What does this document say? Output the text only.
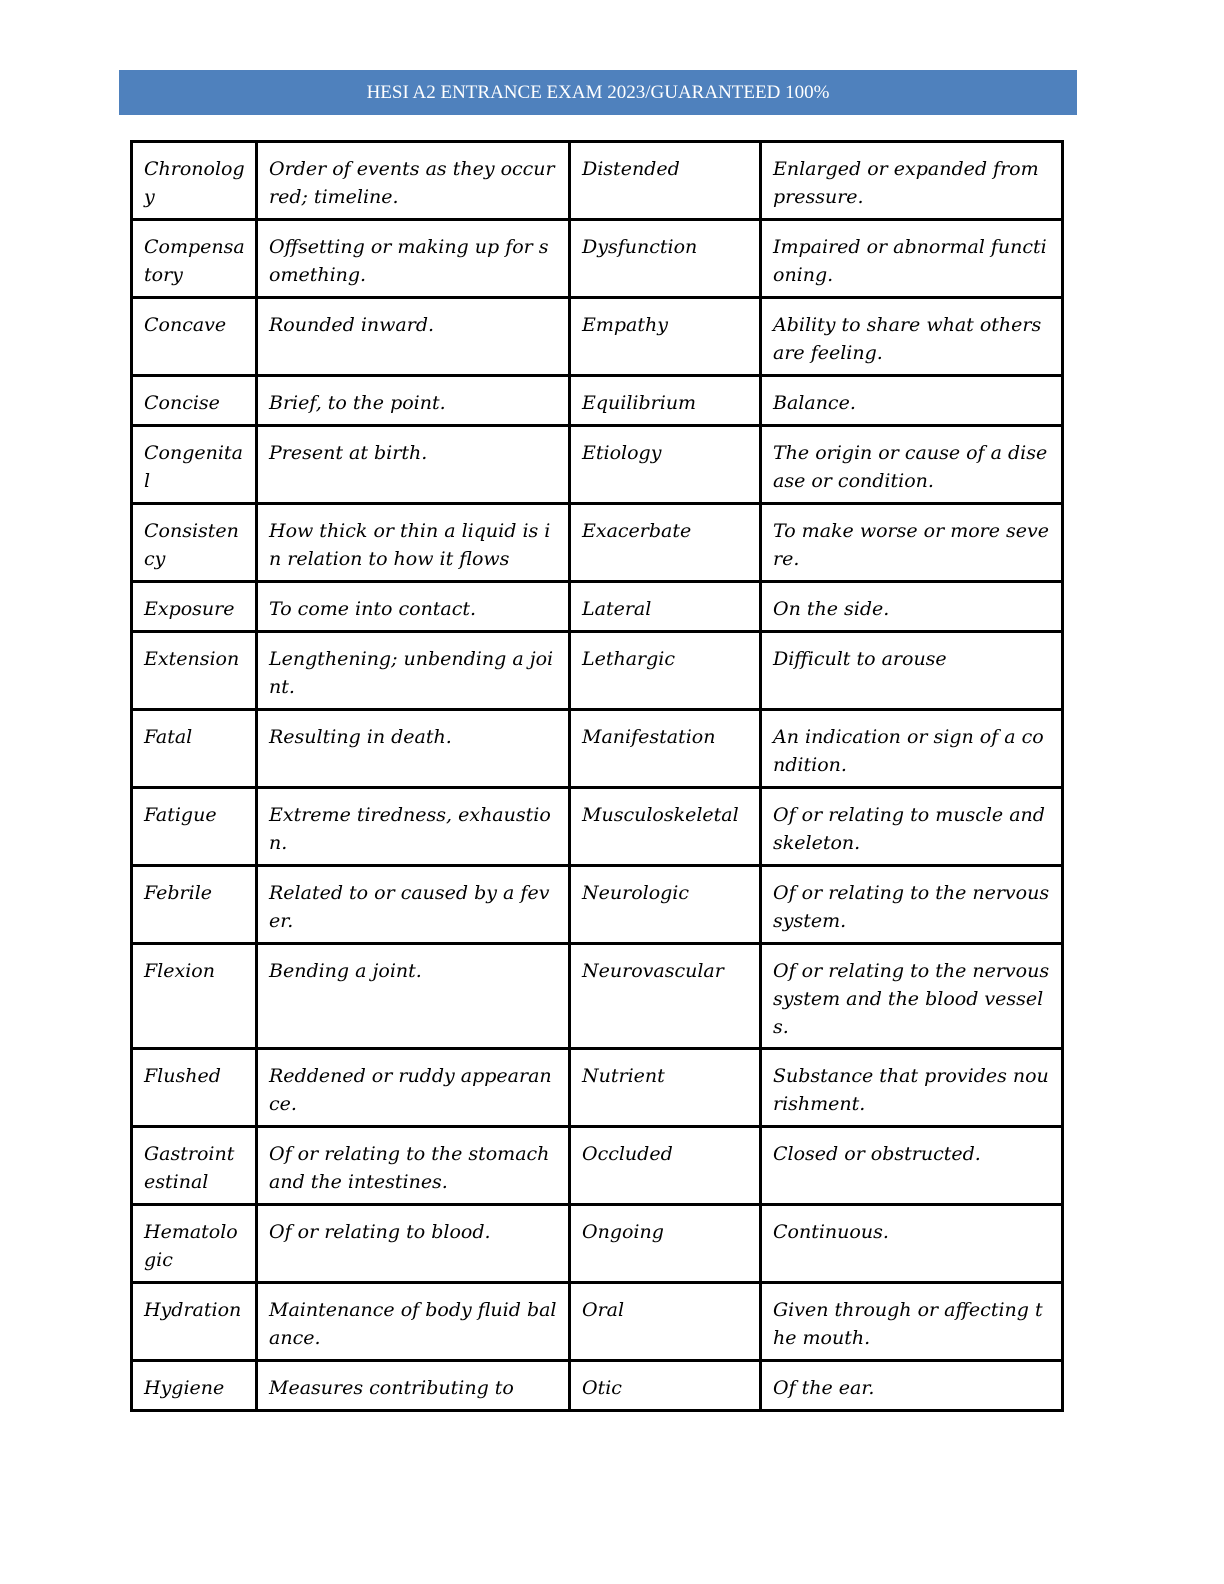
HESI A2 ENTRANCE EXAM 2023/GUARANTEED 100%
Chronology	Order of events as they occurred; timeline.	Distended	Enlarged or expanded from pressure.
Compensatory	Offsetting or making up for something.	Dysfunction	Impaired or abnormal functioning.
Concave	Rounded inward.	Empathy	Ability to share what others are feeling.
Concise	Brief, to the point.	Equilibrium	Balance.
Congenital	Present at birth.	Etiology	The origin or cause of a disease or condition.
Consistency	How thick or thin a liquid is in relation to how it flows	Exacerbate	To make worse or more severe.
Exposure	To come into contact.	Lateral	On the side.
Extension	Lengthening; unbending a joint.	Lethargic	Difficult to arouse
Fatal	Resulting in death.	Manifestation	An indication or sign of a condition.
Fatigue	Extreme tiredness, exhaustion.	Musculoskeletal	Of or relating to muscle and skeleton.
Febrile	Related to or caused by a fever.	Neurologic	Of or relating to the nervous system.
Flexion	Bending a joint.	Neurovascular	Of or relating to the nervous system and the blood vessels.
Flushed	Reddened or ruddy appearance.	Nutrient	Substance that provides nourishment.
Gastrointestinal	Of or relating to the stomach and the intestines.	Occluded	Closed or obstructed.
Hematologic	Of or relating to blood.	Ongoing	Continuous.
Hydration	Maintenance of body fluid balance.	Oral	Given through or affecting the mouth.
Hygiene	Measures contributing to	Otic	Of the ear.
